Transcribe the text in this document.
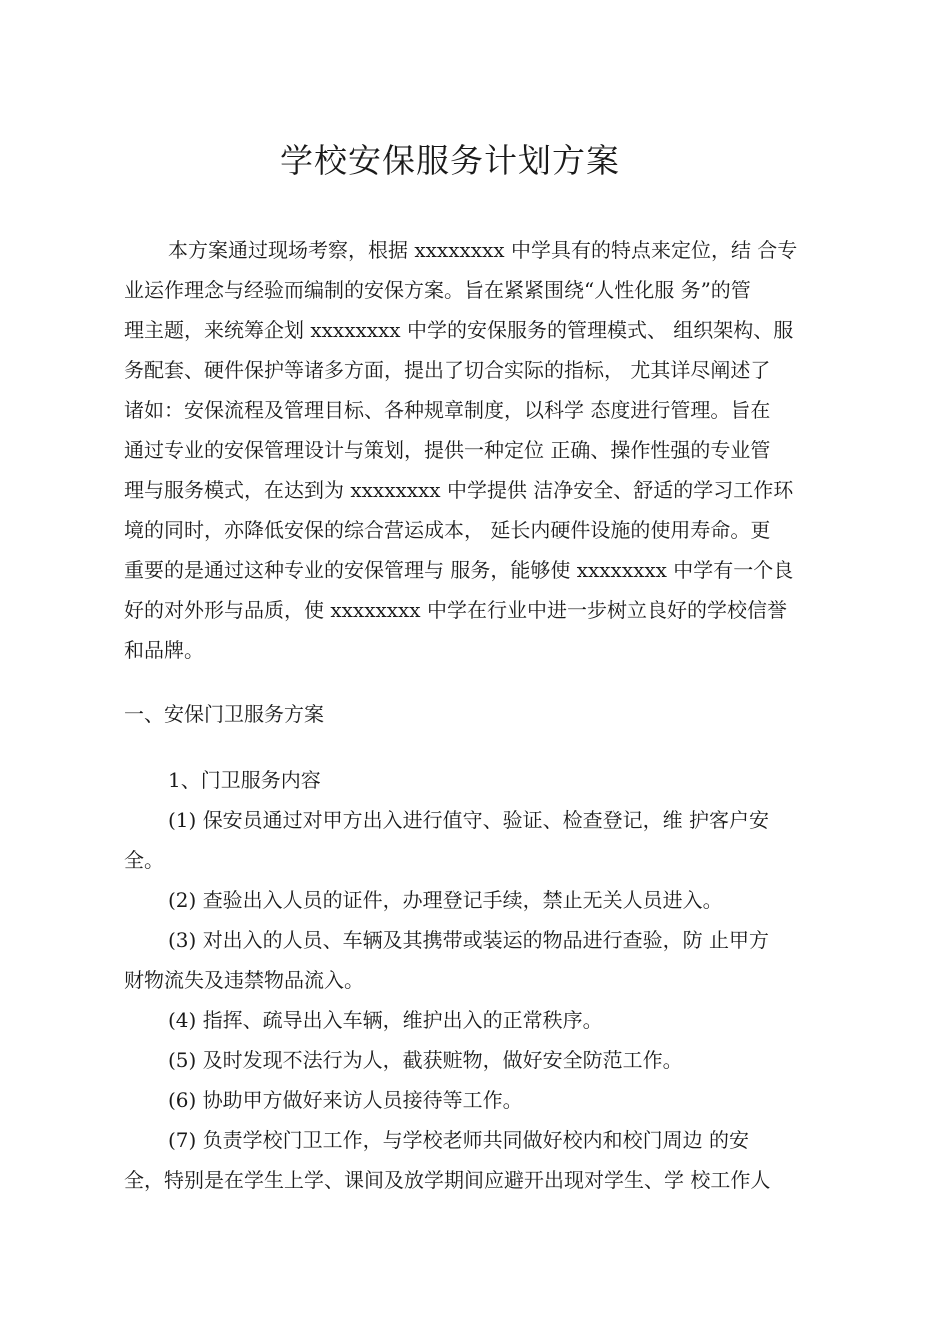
学校安保服务计划方案
本方案通过现场考察，根据 xxxxxxxx 中学具有的特点来定位，结 合专
业运作理念与经验而编制的安保方案。旨在紧紧围绕“人性化服 务”的管
理主题，来统筹企划 xxxxxxxx 中学的安保服务的管理模式、 组织架构、服
务配套、硬件保护等诸多方面，提出了切合实际的指标， 尤其详尽阐述了
诸如：安保流程及管理目标、各种规章制度，以科学 态度进行管理。旨在
通过专业的安保管理设计与策划，提供一种定位 正确、操作性强的专业管
理与服务模式，在达到为 xxxxxxxx 中学提供 洁净安全、舒适的学习工作环
境的同时，亦降低安保的综合营运成本， 延长内硬件设施的使用寿命。更
重要的是通过这种专业的安保管理与 服务，能够使 xxxxxxxx 中学有一个良
好的对外形与品质，使 xxxxxxxx 中学在行业中进一步树立良好的学校信誉
和品牌。
一、安保门卫服务方案
1、门卫服务内容
(1) 保安员通过对甲方出入进行值守、验证、检查登记，维 护客户安
全。
(2) 查验出入人员的证件，办理登记手续，禁止无关人员进入。
(3) 对出入的人员、车辆及其携带或装运的物品进行查验，防 止甲方
财物流失及违禁物品流入。
(4) 指挥、疏导出入车辆，维护出入的正常秩序。
(5) 及时发现不法行为人，截获赃物，做好安全防范工作。
(6) 协助甲方做好来访人员接待等工作。
(7) 负责学校门卫工作，与学校老师共同做好校内和校门周边 的安
全，特别是在学生上学、课间及放学期间应避开出现对学生、学 校工作人
